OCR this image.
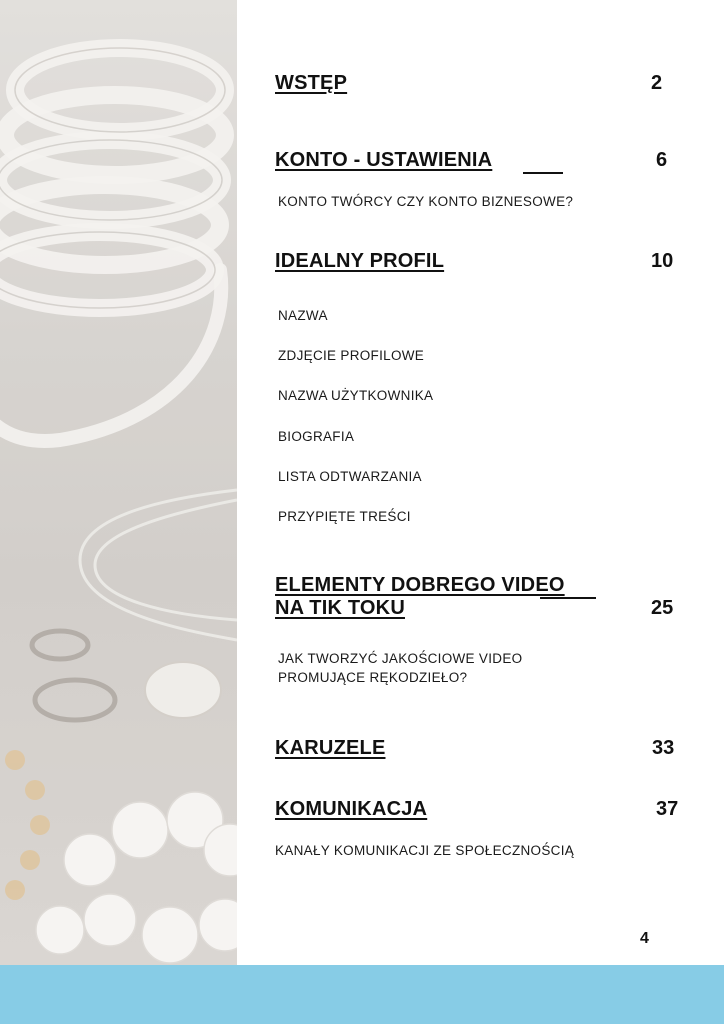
WSTĘP	2
KONTO - USTAWIENIA	6

KONTO TWÓRCY CZY KONTO BIZNESOWE?

IDEALNY PROFIL	10

NAZWA

ZDJĘCIE PROFILOWE

NAZWA UŻYTKOWNIKA

BIOGRAFIA

LISTA ODTWARZANIA

PRZYPIĘTE TREŚCI

ELEMENTY DOBREGO VIDEO
NA TIK TOKU	25

JAK TWORZYĆ JAKOŚCIOWE VIDEO

PROMUJĄCE RĘKODZIEŁO?

KARUZELE	33
KOMUNIKACJA	37

KANAŁY KOMUNIKACJI ZE SPOŁECZNOŚCIĄ

4
